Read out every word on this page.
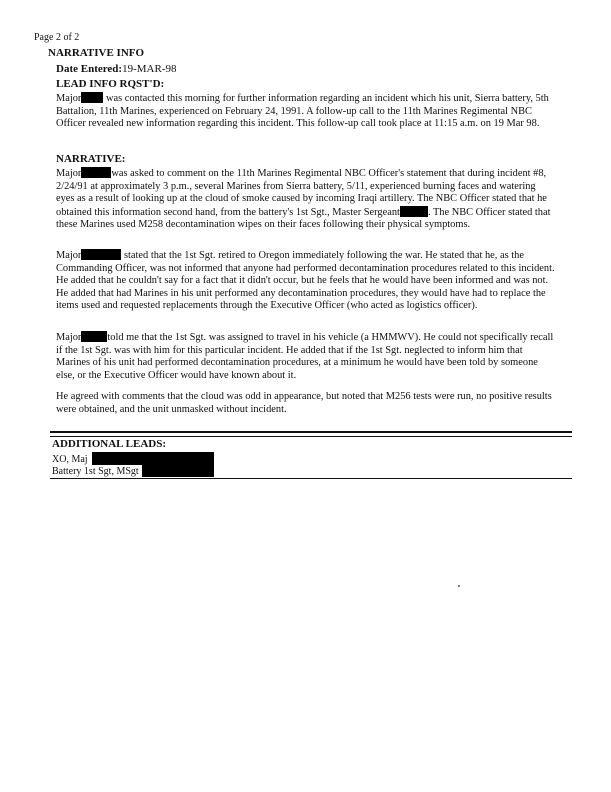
Page 2 of 2
NARRATIVE INFO
Date Entered:19-MAR-98
LEAD INFO RQST'D:
Major was contacted this morning for further information regarding an incident which his unit, Sierra battery, 5th Battalion, 11th Marines, experienced on February 24, 1991. A follow-up call to the 11th Marines Regimental NBC Officer revealed new information regarding this incident. This follow-up call took place at 11:15 a.m. on 19 Mar 98.
NARRATIVE:
Major	was asked to comment on the 11th Marines Regimental NBC Officer's statement that during incident #8, 2/24/91 at approximately 3 p.m., several Marines from Sierra battery, 5/11, experienced burning faces and watering eyes as a result of looking up at the cloud of smoke caused by incoming Iraqi artillery. The NBC Officer stated that he obtained this information second hand, from the battery's 1st Sgt., Master Sergeant	. The NBC Officer stated that these Marines used M258 decontamination wipes on their faces following their physical symptoms.
Major	stated that the 1st Sgt. retired to Oregon immediately following the war. He stated that he, as the Commanding Officer, was not informed that anyone had performed decontamination procedures related to this incident. He added that he couldn't say for a fact that it didn't occur, but he feels that he would have been informed and was not. He added that had Marines in his unit performed any decontamination procedures, they would have had to replace the items used and requested replacements through the Executive Officer (who acted as logistics officer).
Major	told me that the 1st Sgt. was assigned to travel in his vehicle (a HMMWV). He could not specifically recall if the 1st Sgt. was with him for this particular incident. He added that if the 1st Sgt. neglected to inform him that Marines of his unit had performed decontamination procedures, at a minimum he would have been told by someone else, or the Executive Officer would have known about it.
He agreed with comments that the cloud was odd in appearance, but noted that M256 tests were run, no positive results were obtained, and the unit unmasked without incident.
ADDITIONAL LEADS:
XO, Maj
Battery 1st Sgt, MSgt
